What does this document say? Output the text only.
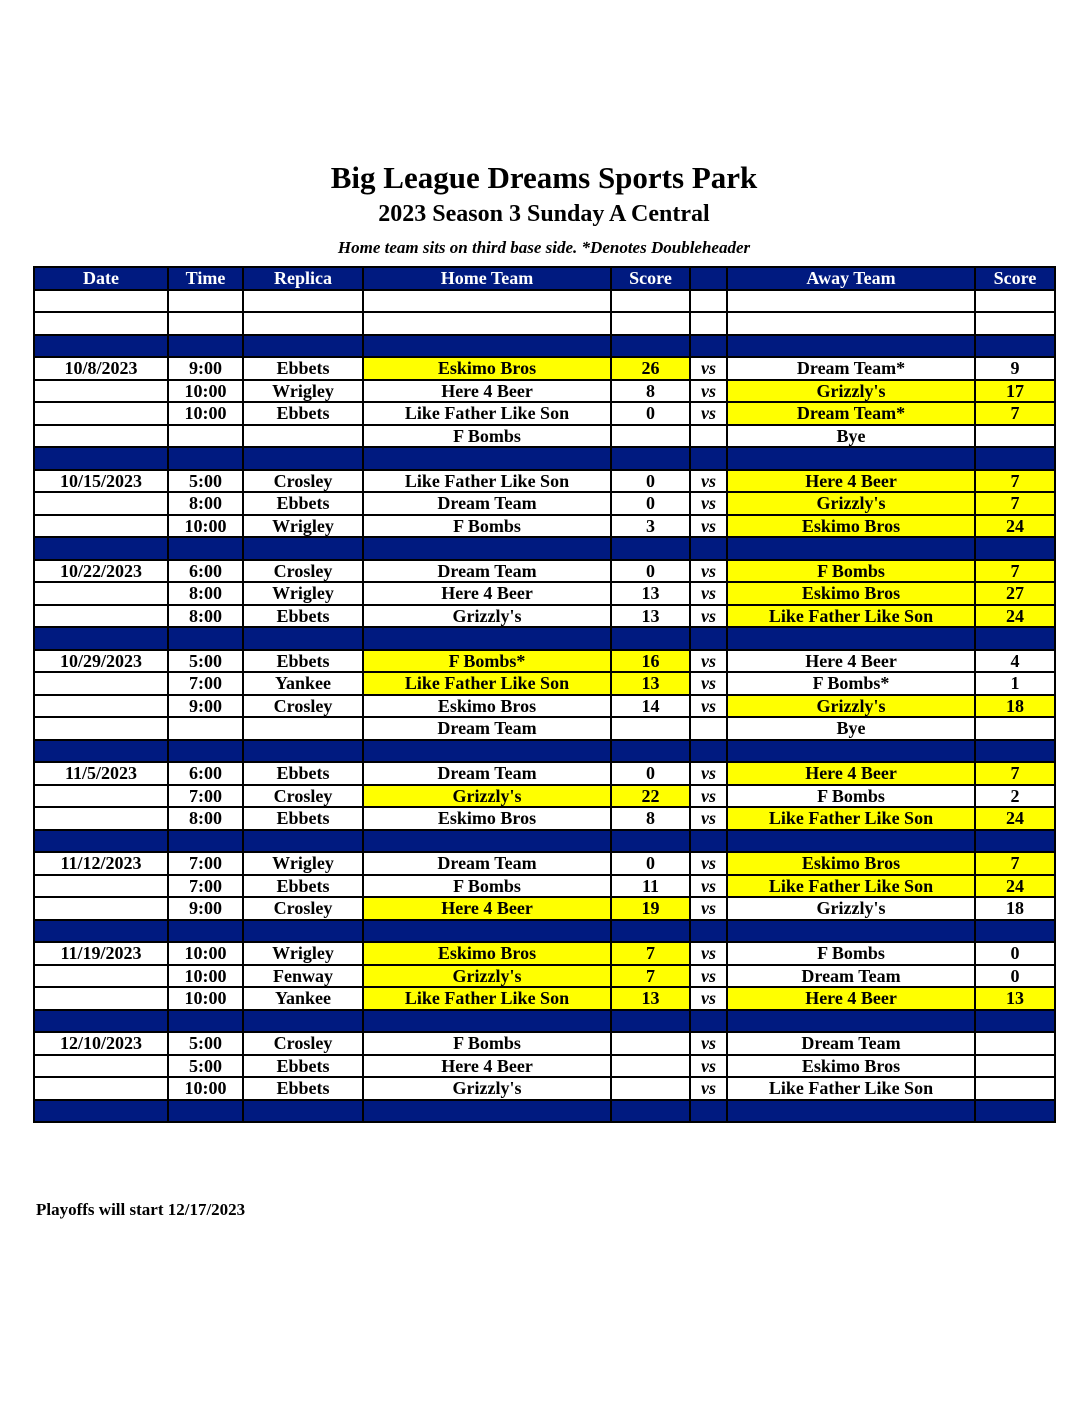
Big League Dreams Sports Park
2023 Season 3 Sunday A Central
Home team sits on third base side. *Denotes Doubleheader
Date	Time	Replica	Home Team	Score		Away Team	Score

10/8/2023	9:00	Ebbets	Eskimo Bros	26	vs	Dream Team*	9
	10:00	Wrigley	Here 4 Beer	8	vs	Grizzly's	17
	10:00	Ebbets	Like Father Like Son	0	vs	Dream Team*	7
			F Bombs			Bye	

10/15/2023	5:00	Crosley	Like Father Like Son	0	vs	Here 4 Beer	7
	8:00	Ebbets	Dream Team	0	vs	Grizzly's	7
	10:00	Wrigley	F Bombs	3	vs	Eskimo Bros	24

10/22/2023	6:00	Crosley	Dream Team	0	vs	F Bombs	7
	8:00	Wrigley	Here 4 Beer	13	vs	Eskimo Bros	27
	8:00	Ebbets	Grizzly's	13	vs	Like Father Like Son	24

10/29/2023	5:00	Ebbets	F Bombs*	16	vs	Here 4 Beer	4
	7:00	Yankee	Like Father Like Son	13	vs	F Bombs*	1
	9:00	Crosley	Eskimo Bros	14	vs	Grizzly's	18
			Dream Team			Bye	

11/5/2023	6:00	Ebbets	Dream Team	0	vs	Here 4 Beer	7
	7:00	Crosley	Grizzly's	22	vs	F Bombs	2
	8:00	Ebbets	Eskimo Bros	8	vs	Like Father Like Son	24

11/12/2023	7:00	Wrigley	Dream Team	0	vs	Eskimo Bros	7
	7:00	Ebbets	F Bombs	11	vs	Like Father Like Son	24
	9:00	Crosley	Here 4 Beer	19	vs	Grizzly's	18

11/19/2023	10:00	Wrigley	Eskimo Bros	7	vs	F Bombs	0
	10:00	Fenway	Grizzly's	7	vs	Dream Team	0
	10:00	Yankee	Like Father Like Son	13	vs	Here 4 Beer	13

12/10/2023	5:00	Crosley	F Bombs		vs	Dream Team	
	5:00	Ebbets	Here 4 Beer		vs	Eskimo Bros	
	10:00	Ebbets	Grizzly's		vs	Like Father Like Son	

Playoffs will start 12/17/2023
